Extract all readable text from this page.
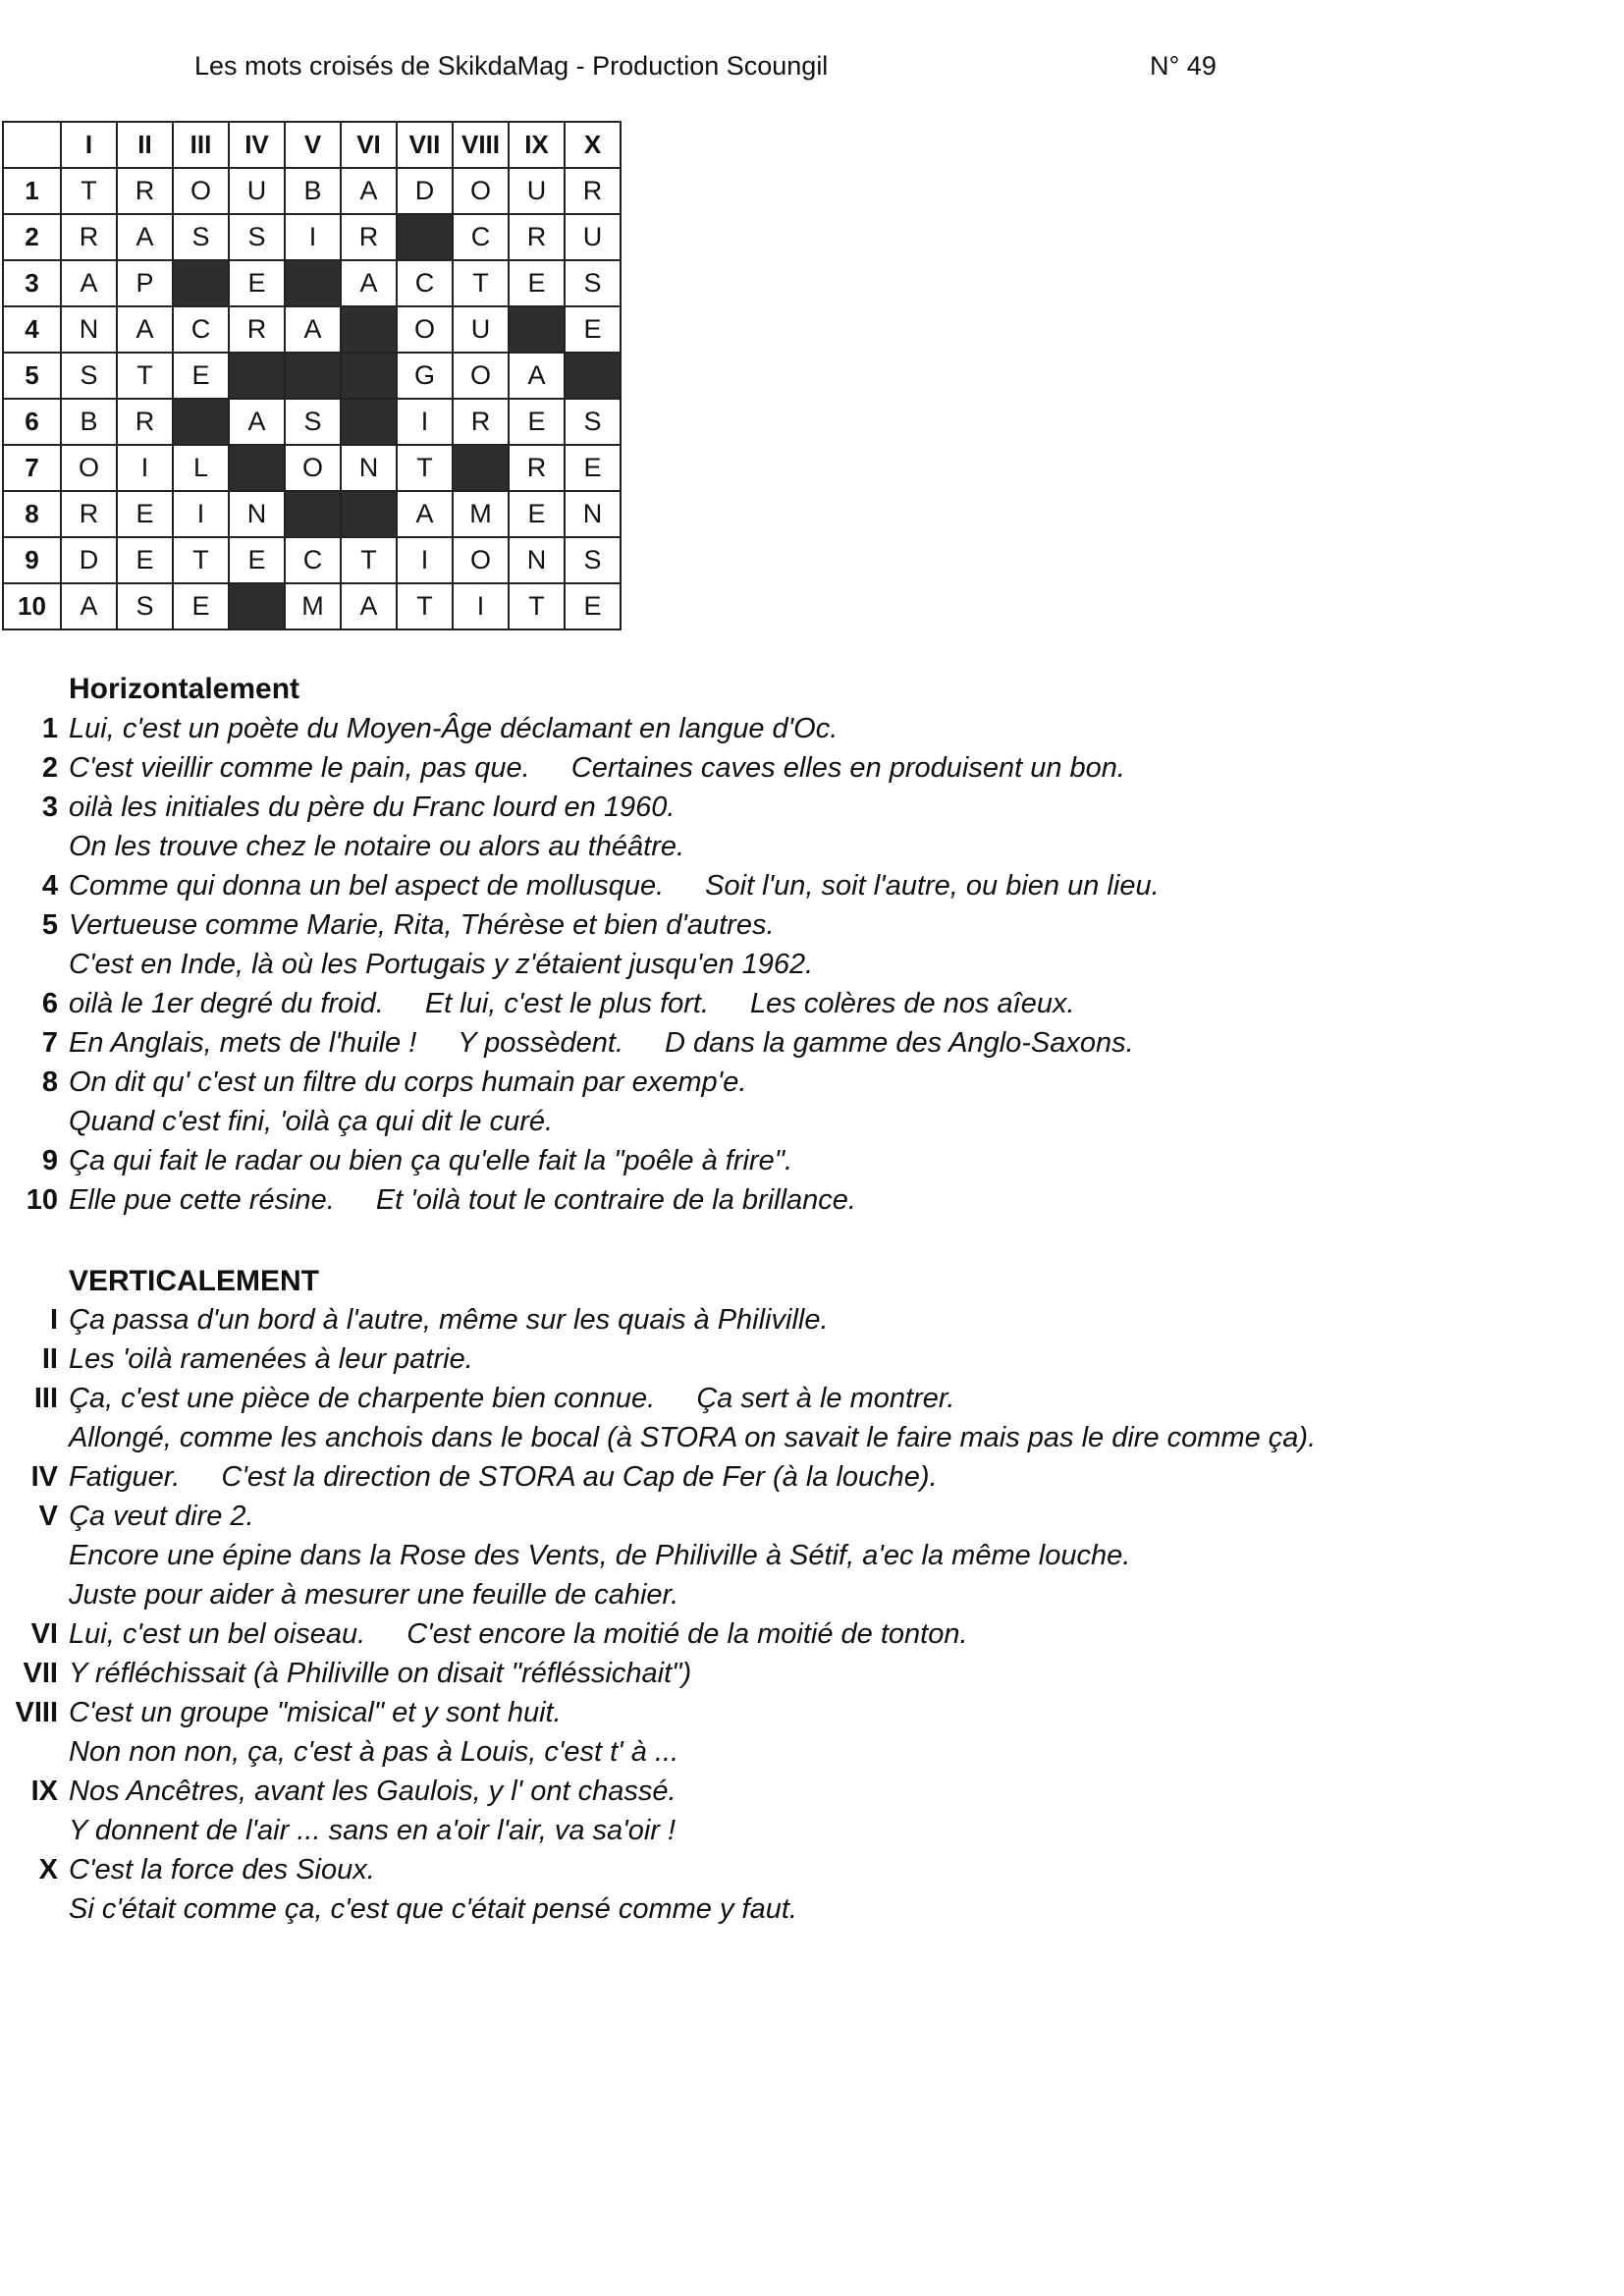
Les mots croisés de SkikdaMag - Production Scoungil	N° 49
	I	II	III	IV	V	VI	VII	VIII	IX	X
1	T	R	O	U	B	A	D	O	U	R
2	R	A	S	S	I	R		C	R	U
3	A	P		E		A	C	T	E	S
4	N	A	C	R	A		O	U		E
5	S	T	E				G	O	A	
6	B	R		A	S		I	R	E	S
7	O	I	L		O	N	T		R	E
8	R	E	I	N			A	M	E	N
9	D	E	T	E	C	T	I	O	N	S
10	A	S	E		M	A	T	I	T	E
Horizontalement
1 Lui, c'est un poète du Moyen-Âge déclamant en langue d'Oc.
2 C'est vieillir comme le pain, pas que. Certaines caves elles en produisent un bon.
3 oilà les initiales du père du Franc lourd en 1960.
On les trouve chez le notaire ou alors au théâtre.
4 Comme qui donna un bel aspect de mollusque. Soit l'un, soit l'autre, ou bien un lieu.
5 Vertueuse comme Marie, Rita, Thérèse et bien d'autres.
C'est en Inde, là où les Portugais y z'étaient jusqu'en 1962.
6 oilà le 1er degré du froid. Et lui, c'est le plus fort. Les colères de nos aîeux.
7 En Anglais, mets de l'huile ! Y possèdent. D dans la gamme des Anglo-Saxons.
8 On dit qu' c'est un filtre du corps humain par exemp'e.
Quand c'est fini, 'oilà ça qui dit le curé.
9 Ça qui fait le radar ou bien ça qu'elle fait la "poêle à frire".
10 Elle pue cette résine. Et 'oilà tout le contraire de la brillance.
VERTICALEMENT
I Ça passa d'un bord à l'autre, même sur les quais à Philiville.
II Les 'oilà ramenées à leur patrie.
III Ça, c'est une pièce de charpente bien connue. Ça sert à le montrer.
Allongé, comme les anchois dans le bocal (à STORA on savait le faire mais pas le dire comme ça).
IV Fatiguer. C'est la direction de STORA au Cap de Fer (à la louche).
V Ça veut dire 2.
Encore une épine dans la Rose des Vents, de Philiville à Sétif, a'ec la même louche.
Juste pour aider à mesurer une feuille de cahier.
VI Lui, c'est un bel oiseau. C'est encore la moitié de la moitié de tonton.
VII Y réfléchissait (à Philiville on disait "réfléssichait")
VIII C'est un groupe "misical" et y sont huit.
Non non non, ça, c'est à pas à Louis, c'est t' à ...
IX Nos Ancêtres, avant les Gaulois, y l' ont chassé.
Y donnent de l'air ... sans en a'oir l'air, va sa'oir !
X C'est la force des Sioux.
Si c'était comme ça, c'est que c'était pensé comme y faut.
